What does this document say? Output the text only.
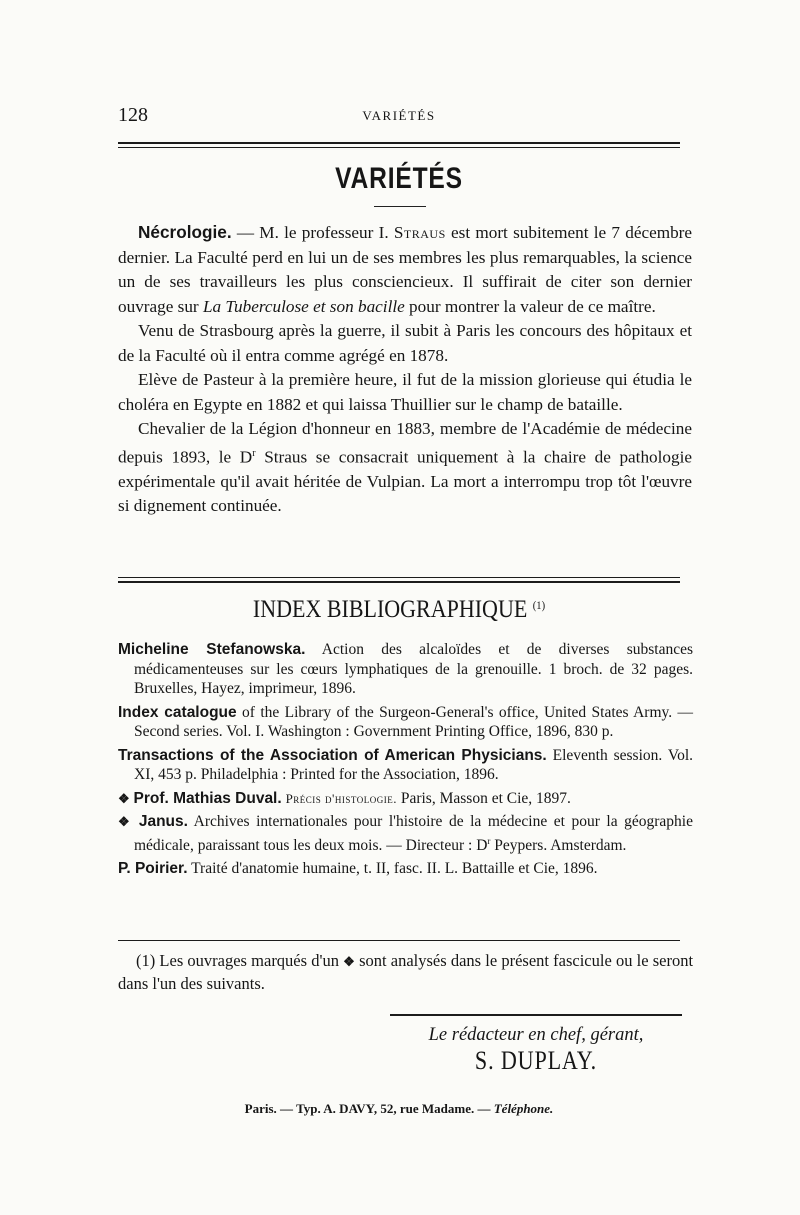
128	VARIÉTÉS
VARIÉTÉS

Nécrologie. — M. le professeur I. Straus est mort subitement le 7 décembre dernier. La Faculté perd en lui un de ses membres les plus remarquables, la science un de ses travailleurs les plus consciencieux. Il suffirait de citer son dernier ouvrage sur La Tuberculose et son bacille pour montrer la valeur de ce maître.

Venu de Strasbourg après la guerre, il subit à Paris les concours des hôpitaux et de la Faculté où il entra comme agrégé en 1878.

Elève de Pasteur à la première heure, il fut de la mission glorieuse qui étudia le choléra en Egypte en 1882 et qui laissa Thuillier sur le champ de bataille.

Chevalier de la Légion d'honneur en 1883, membre de l'Académie de médecine depuis 1893, le $D^r$ Straus se consacrait uniquement à la chaire de pathologie expérimentale qu'il avait héritée de Vulpian. La mort a interrompu trop tôt l'œuvre si dignement continuée.

INDEX BIBLIOGRAPHIQUE $^{(1)}$

Micheline Stefanowska. Action des alcaloïdes et de diverses substances médicamenteuses sur les cœurs lymphatiques de la grenouille. 1 broch. de 32 pages. Bruxelles, Hayez, imprimeur, 1896.

Index catalogue of the Library of the Surgeon-General's office, United States Army. — Second series. Vol. I. Washington : Government Printing Office, 1896, 830 p.

Transactions of the Association of American Physicians. Eleventh session. Vol. XI, 453 p. Philadelphia : Printed for the Association, 1896.

❖ Prof. Mathias Duval. Précis d'histologie. Paris, Masson et Cie, 1897.

❖ Janus. Archives internationales pour l'histoire de la médecine et pour la géographie médicale, paraissant tous les deux mois. — Directeur : $D^r$ Peypers. Amsterdam.

P. Poirier. Traité d'anatomie humaine, t. II, fasc. II. L. Battaille et Cie, 1896.

(1) Les ouvrages marqués d'un ❖ sont analysés dans le présent fascicule ou le seront dans l'un des suivants.

Le rédacteur en chef, gérant,
S. DUPLAY.
Paris. — Typ. A. DAVY, 52, rue Madame. — Téléphone.
